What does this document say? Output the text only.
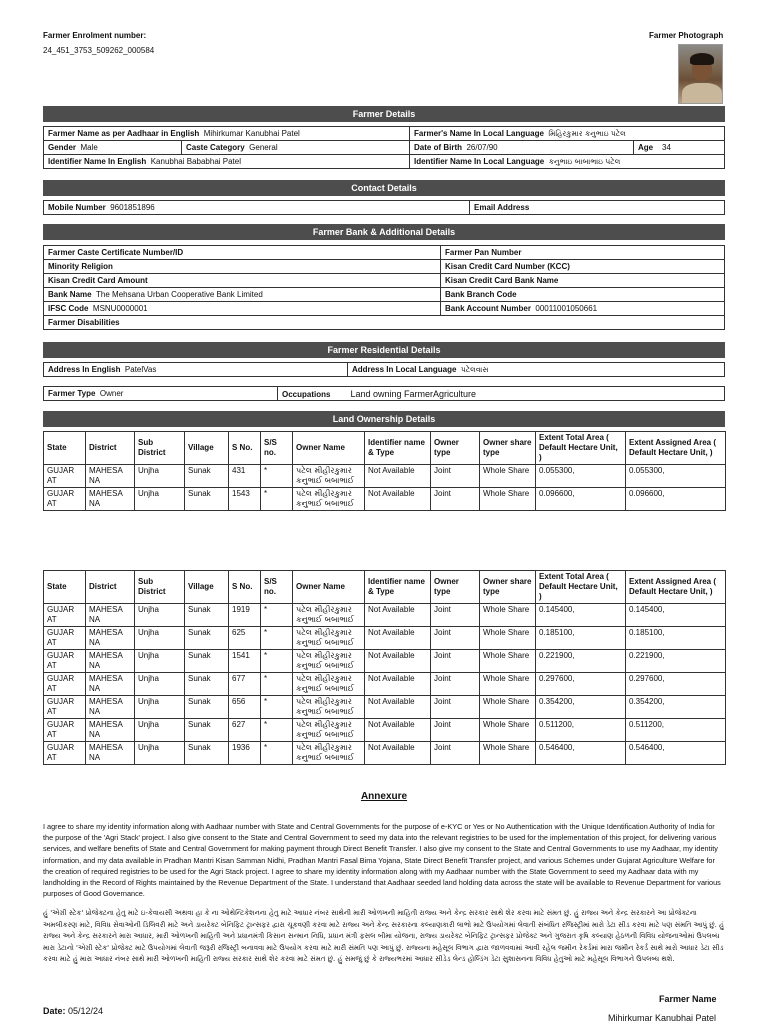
Farmer Enrolment number:
24_451_3753_509262_000584
Farmer Photograph
Farmer Details
Farmer Name as per Aadhaar in English Mihirkumar Kanubhai Patel	Farmer's Name In Local Language મિહિરકુમાર કનુભાઇ પટેલ
Gender Male	Caste Category General	Date of Birth 26/07/90	Age 34
Identifier Name In English Kanubhai Bababhai Patel	Identifier Name In Local Language કનુભાઇ બાબાભાઇ પટેલ
Contact Details
Mobile Number 9601851896	Email Address
Farmer Bank & Additional Details
Farmer Caste Certificate Number/ID	Farmer Pan Number
Minority Religion	Kisan Credit Card Number (KCC)
Kisan Credit Card Amount	Kisan Credit Card Bank Name
Bank Name The Mehsana Urban Cooperative Bank Limited	Bank Branch Code
IFSC Code MSNU0000001	Bank Account Number 00011001050661
Farmer Disabilities	
Farmer Residential Details
Address In English PatelVas	Address In Local Language પટેલવાસ
Farmer Type Owner	Occupations Land owning FarmerAgriculture
Land Ownership Details
State	District	Sub District	Village	S No.	S/S no.	Owner Name	Identifier name & Type	Owner type	Owner share type	Extent Total Area ( Default Hectare Unit, )	Extent Assigned Area ( Default Hectare Unit, )
GUJAR AT	MAHESA NA	Unjha	Sunak	431	*	પટેલ મીહીરકુમાર કનુભાઈ બબાભાઈ	Not Available	Joint	Whole Share	0.055300,	0.055300,
GUJAR AT	MAHESA NA	Unjha	Sunak	1543	*	પટેલ મીહીરકુમાર કનુભાઈ બબાભાઈ	Not Available	Joint	Whole Share	0.096600,	0.096600,
State	District	Sub District	Village	S No.	S/S no.	Owner Name	Identifier name & Type	Owner type	Owner share type	Extent Total Area ( Default Hectare Unit, )	Extent Assigned Area ( Default Hectare Unit, )
GUJAR AT	MAHESA NA	Unjha	Sunak	1919	*	પટેલ મીહીરકુમાર કનુભાઈ બબાભાઈ	Not Available	Joint	Whole Share	0.145400,	0.145400,
GUJAR AT	MAHESA NA	Unjha	Sunak	625	*	પટેલ મીહીરકુમાર કનુભાઈ બબાભાઈ	Not Available	Joint	Whole Share	0.185100,	0.185100,
GUJAR AT	MAHESA NA	Unjha	Sunak	1541	*	પટેલ મીહીરકુમાર કનુભાઈ બબાભાઈ	Not Available	Joint	Whole Share	0.221900,	0.221900,
GUJAR AT	MAHESA NA	Unjha	Sunak	677	*	પટેલ મીહીરકુમાર કનુભાઈ બબાભાઈ	Not Available	Joint	Whole Share	0.297600,	0.297600,
GUJAR AT	MAHESA NA	Unjha	Sunak	656	*	પટેલ મીહીરકુમાર કનુભાઈ બબાભાઈ	Not Available	Joint	Whole Share	0.354200,	0.354200,
GUJAR AT	MAHESA NA	Unjha	Sunak	627	*	પટેલ મીહીરકુમાર કનુભાઈ બબાભાઈ	Not Available	Joint	Whole Share	0.511200,	0.511200,
GUJAR AT	MAHESA NA	Unjha	Sunak	1936	*	પટેલ મીહીરકુમાર કનુભાઈ બબાભાઈ	Not Available	Joint	Whole Share	0.546400,	0.546400,
Annexure
I agree to share my identity information along with Aadhaar number with State and Central Governments for the purpose of e-KYC or Yes or No Authentication with the Unique Identification Authority of India for the purpose of the 'Agri Stack' project. I also give consent to the State and Central Government to seed my data into the relevant registries to be used for the implementation of this project, for delivering various services, and welfare benefits of State and Central Government for making payment through Direct Benefit Transfer. I also give my consent to the State and Central Governments to use my Aadhaar, my identity information, and my data available in Pradhan Mantri Kisan Samman Nidhi, Pradhan Mantri Fasal Bima Yojana, State Direct Benefit Transfer project, and various Schemes under Gujarat Agriculture Welfare for the creation of required registries to be used for the Agri Stack project. I agree to share my identity information along with my Aadhaar number with the State Government to seed my Aadhaar data with my landholding in the Record of Rights maintained by the Revenue Department of the State. I understand that Aadhaar seeded land holding data across the state will be available to Revenue Department for various purposes of Good Governance.
હું 'એગ્રી સ્ટેક' પ્રોજેક્ટના હેતુ માટે ઇ-કેવાયસી અથવા હા કે ના ઓથેન્ટિકેશનના હેતુ માટે આધાર નંબર સાથેની મારી ઓળખની માહિતી રાજ્ય અને કેન્દ્ર સરકાર સાથે શેર કરવા માટે સંમત છું. હું રાજ્ય અને કેન્દ્ર સરકારને આ પ્રોજેક્ટના અમલીકરણ માટે, વિવિધ સેવાઓની ડિલિવરી માટે અને ડાયરેક્ટ બેનિફિટ ટ્રાન્સફર દ્વારા ચૂકવણી કરવા માટે રાજ્ય અને કેન્દ્ર સરકારના કલ્યાણકારી લાભો માટે ઉપયોગમાં લેવાતી સંબંધિત રજિસ્ટ્રીમાં મારો ડેટા સીડ કરવા માટે પણ સંમતિ આપું છું. હું રાજ્ય અને કેન્દ્ર સરકારને મારા આધાર, મારી ઓળખની માહિતી અને પ્રધાનમંત્રી કિસાન સન્માન નિધિ, પ્રધાન મંત્રી ફસલ બીમા યોજના, રાજ્ય ડાયરેક્ટ બેનિફિટ ટ્રાન્સફર પ્રોજેક્ટ અને ગુજરાત કૃષિ કલ્યાણ હેઠળની વિવિધ યોજનાઓમાં ઉપલબ્ધ મારા ડેટાનો 'એગ્રી સ્ટેક' પ્રોજેક્ટ માટે ઉપયોગમાં લેવાતી જરૂરી રજિસ્ટ્રી બનાવવા માટે ઉપયોગ કરવા માટે મારી સંમતિ પણ આપું છું. રાજ્યના મહેસૂલ વિભાગ દ્વારા જાળવવામાં આવી રહેલ જમીન રેકર્ડમાં મારા જમીન રેકર્ડ સાથે મારો આધાર ડેટા સીડ કરવા માટે હું મારા આધાર નંબર સાથે મારી ઓળખની માહિતી રાજ્ય સરકાર સાથે શેર કરવા માટે સંમત છું. હું સમજું છું કે રાજ્યભરમાં આધાર સીડેડ લેન્ડ હોલ્ડિંગ ડેટા સુશાસનના વિવિધ હેતુઓ માટે મહેસૂલ વિભાગને ઉપલબ્ધ થશે.
Farmer Name
Date: 05/12/24
Mihirkumar Kanubhai Patel
